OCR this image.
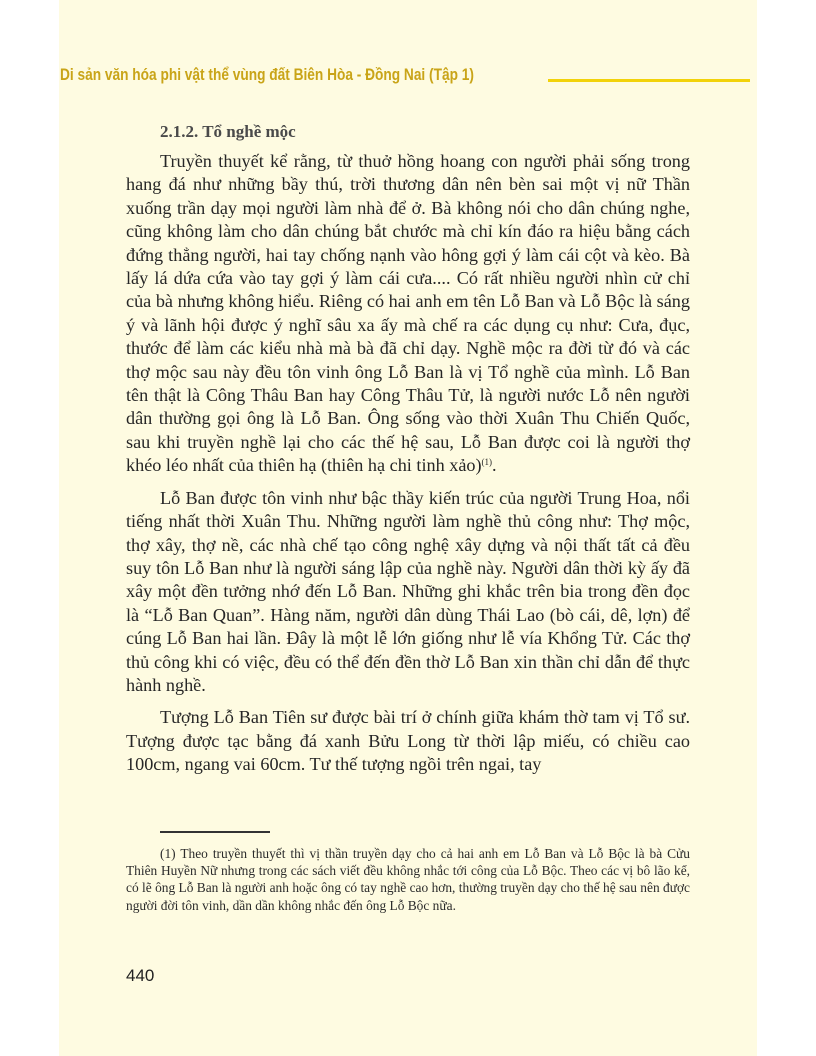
Di sản văn hóa phi vật thể vùng đất Biên Hòa - Đồng Nai (Tập 1)
2.1.2. Tổ nghề mộc

Truyền thuyết kể rằng, từ thuở hồng hoang con người phải sống trong hang đá như những bầy thú, trời thương dân nên bèn sai một vị nữ Thần xuống trần dạy mọi người làm nhà để ở. Bà không nói cho dân chúng nghe, cũng không làm cho dân chúng bắt chước mà chỉ kín đáo ra hiệu bằng cách đứng thẳng người, hai tay chống nạnh vào hông gợi ý làm cái cột và kèo. Bà lấy lá dứa cứa vào tay gợi ý làm cái cưa.... Có rất nhiều người nhìn cử chỉ của bà nhưng không hiểu. Riêng có hai anh em tên Lỗ Ban và Lỗ Bộc là sáng ý và lãnh hội được ý nghĩ sâu xa ấy mà chế ra các dụng cụ như: Cưa, đục, thước để làm các kiểu nhà mà bà đã chỉ dạy. Nghề mộc ra đời từ đó và các thợ mộc sau này đều tôn vinh ông Lỗ Ban là vị Tổ nghề của mình. Lỗ Ban tên thật là Công Thâu Ban hay Công Thâu Tử, là người nước Lỗ nên người dân thường gọi ông là Lỗ Ban. Ông sống vào thời Xuân Thu Chiến Quốc, sau khi truyền nghề lại cho các thế hệ sau, Lỗ Ban được coi là người thợ khéo léo nhất của thiên hạ (thiên hạ chi tinh xảo)$^{(1)}$.

Lỗ Ban được tôn vinh như bậc thầy kiến trúc của người Trung Hoa, nổi tiếng nhất thời Xuân Thu. Những người làm nghề thủ công như: Thợ mộc, thợ xây, thợ nề, các nhà chế tạo công nghệ xây dựng và nội thất tất cả đều suy tôn Lỗ Ban như là người sáng lập của nghề này. Người dân thời kỳ ấy đã xây một đền tưởng nhớ đến Lỗ Ban. Những ghi khắc trên bia trong đền đọc là “Lỗ Ban Quan”. Hàng năm, người dân dùng Thái Lao (bò cái, dê, lợn) để cúng Lỗ Ban hai lần. Đây là một lễ lớn giống như lễ vía Khổng Tử. Các thợ thủ công khi có việc, đều có thể đến đền thờ Lỗ Ban xin thần chỉ dẫn để thực hành nghề.

Tượng Lỗ Ban Tiên sư được bài trí ở chính giữa khám thờ tam vị Tổ sư. Tượng được tạc bằng đá xanh Bửu Long từ thời lập miếu, có chiều cao 100cm, ngang vai 60cm. Tư thế tượng ngồi trên ngai, tay

(1) Theo truyền thuyết thì vị thần truyền dạy cho cả hai anh em Lỗ Ban và Lỗ Bộc là bà Cửu Thiên Huyền Nữ nhưng trong các sách viết đều không nhắc tới công của Lỗ Bộc. Theo các vị bô lão kể, có lẽ ông Lỗ Ban là người anh hoặc ông có tay nghề cao hơn, thường truyền dạy cho thế hệ sau nên được người đời tôn vinh, dần dần không nhắc đến ông Lỗ Bộc nữa.

440
